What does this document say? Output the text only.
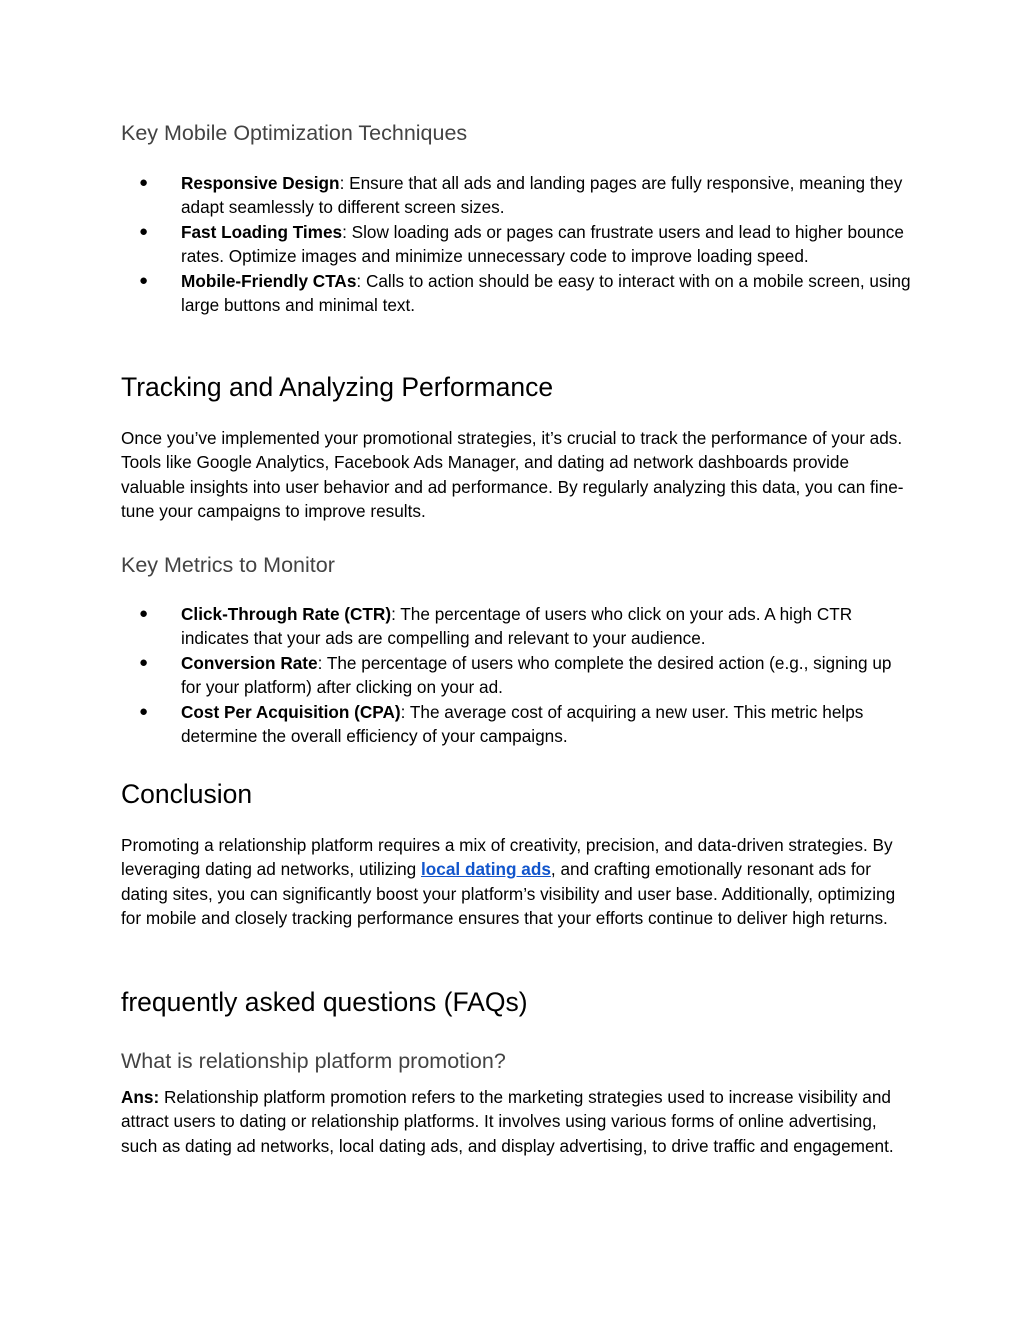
Key Mobile Optimization Techniques
● Responsive Design: Ensure that all ads and landing pages are fully responsive, meaning they adapt seamlessly to different screen sizes.
● Fast Loading Times: Slow loading ads or pages can frustrate users and lead to higher bounce rates. Optimize images and minimize unnecessary code to improve loading speed.
● Mobile-Friendly CTAs: Calls to action should be easy to interact with on a mobile screen, using large buttons and minimal text.
Tracking and Analyzing Performance

Once you’ve implemented your promotional strategies, it’s crucial to track the performance of your ads. Tools like Google Analytics, Facebook Ads Manager, and dating ad network dashboards provide valuable insights into user behavior and ad performance. By regularly analyzing this data, you can fine-tune your campaigns to improve results.

Key Metrics to Monitor
● Click-Through Rate (CTR): The percentage of users who click on your ads. A high CTR indicates that your ads are compelling and relevant to your audience.
● Conversion Rate: The percentage of users who complete the desired action (e.g., signing up for your platform) after clicking on your ad.
● Cost Per Acquisition (CPA): The average cost of acquiring a new user. This metric helps determine the overall efficiency of your campaigns.
Conclusion

Promoting a relationship platform requires a mix of creativity, precision, and data-driven strategies. By leveraging dating ad networks, utilizing local dating ads, and crafting emotionally resonant ads for dating sites, you can significantly boost your platform’s visibility and user base. Additionally, optimizing for mobile and closely tracking performance ensures that your efforts continue to deliver high returns.

frequently asked questions (FAQs)
What is relationship platform promotion?

Ans: Relationship platform promotion refers to the marketing strategies used to increase visibility and attract users to dating or relationship platforms. It involves using various forms of online advertising, such as dating ad networks, local dating ads, and display advertising, to drive traffic and engagement.
